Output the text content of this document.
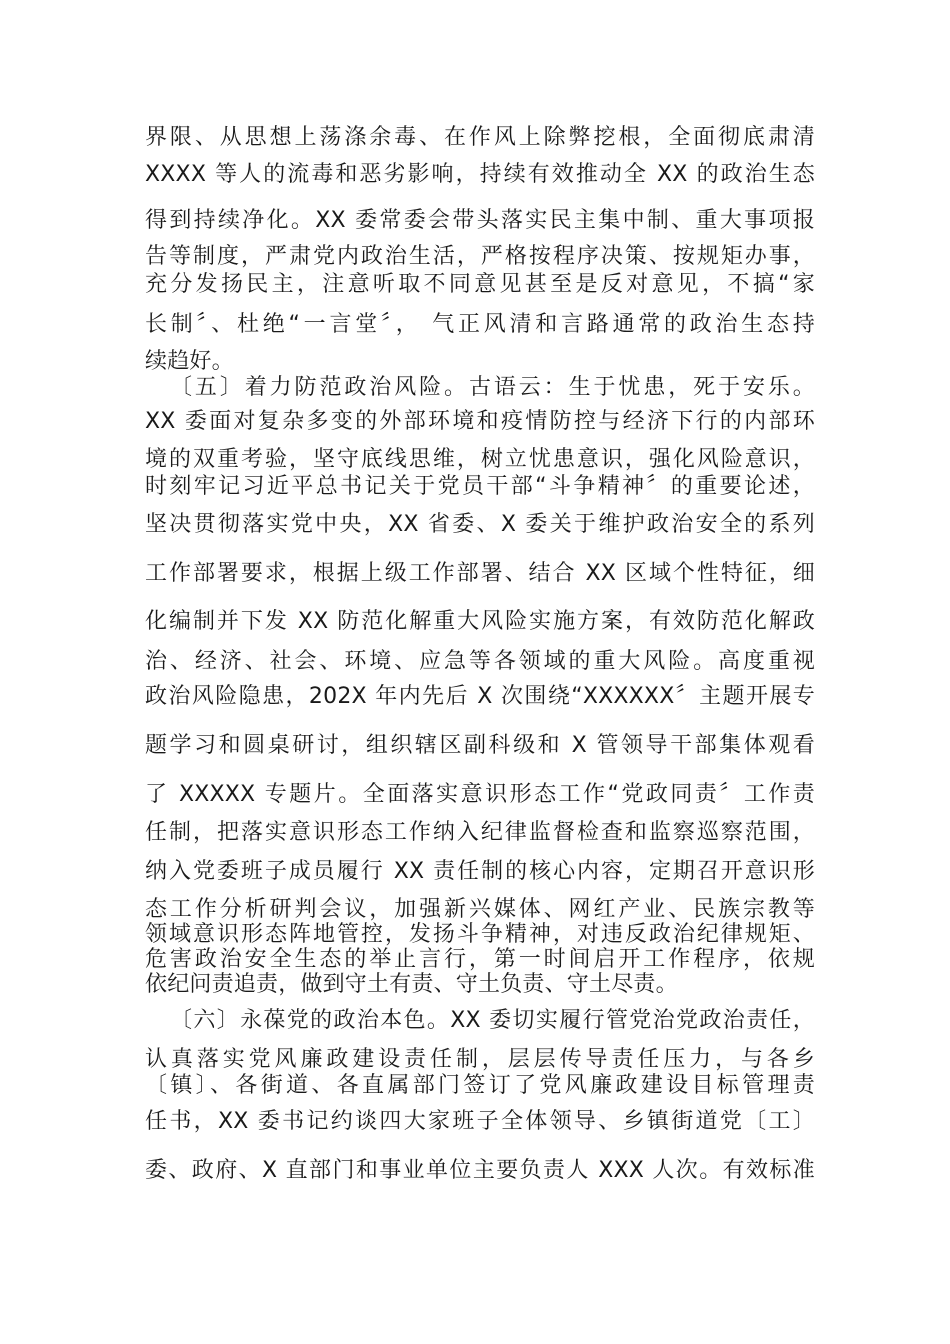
界限、从思想上荡涤余毒、在作风上除弊挖根，全面彻底肃清
XXXX 等人的流毒和恶劣影响，持续有效推动全 XX 的政治生态
得到持续净化。XX 委常委会带头落实民主集中制、重大事项报
告等制度，严肃党内政治生活，严格按程序决策、按规矩办事，
充分发扬民主，注意听取不同意见甚至是反对意见，不搞“家
长制〞、杜绝“一言堂〞， 气正风清和言路通常的政治生态持
续趋好。
〔五〕着力防范政治风险。古语云：生于忧患，死于安乐。
XX 委面对复杂多变的外部环境和疫情防控与经济下行的内部环
境的双重考验，坚守底线思维，树立忧患意识，强化风险意识，
时刻牢记习近平总书记关于党员干部“斗争精神〞的重要论述，
坚决贯彻落实党中央，XX 省委、X 委关于维护政治安全的系列
工作部署要求，根据上级工作部署、结合 XX 区域个性特征，细
化编制并下发 XX 防范化解重大风险实施方案，有效防范化解政
治、经济、社会、环境、应急等各领域的重大风险。高度重视
政治风险隐患，202X 年内先后 X 次围绕“XXXXXX〞主题开展专
题学习和圆桌研讨，组织辖区副科级和 X 管领导干部集体观看
了 XXXXX 专题片。全面落实意识形态工作“党政同责〞工作责
任制，把落实意识形态工作纳入纪律监督检查和监察巡察范围，
纳入党委班子成员履行 XX 责任制的核心内容，定期召开意识形
态工作分析研判会议，加强新兴媒体、网红产业、民族宗教等
领域意识形态阵地管控，发扬斗争精神，对违反政治纪律规矩、
危害政治安全生态的举止言行，第一时间启开工作程序，依规
依纪问责追责，做到守土有责、守土负责、守土尽责。
〔六〕永葆党的政治本色。XX 委切实履行管党治党政治责任，
认真落实党风廉政建设责任制，层层传导责任压力，与各乡
〔镇〕、各街道、各直属部门签订了党风廉政建设目标管理责
任书，XX 委书记约谈四大家班子全体领导、乡镇街道党〔工〕
委、政府、X 直部门和事业单位主要负责人 XXX 人次。有效标准
